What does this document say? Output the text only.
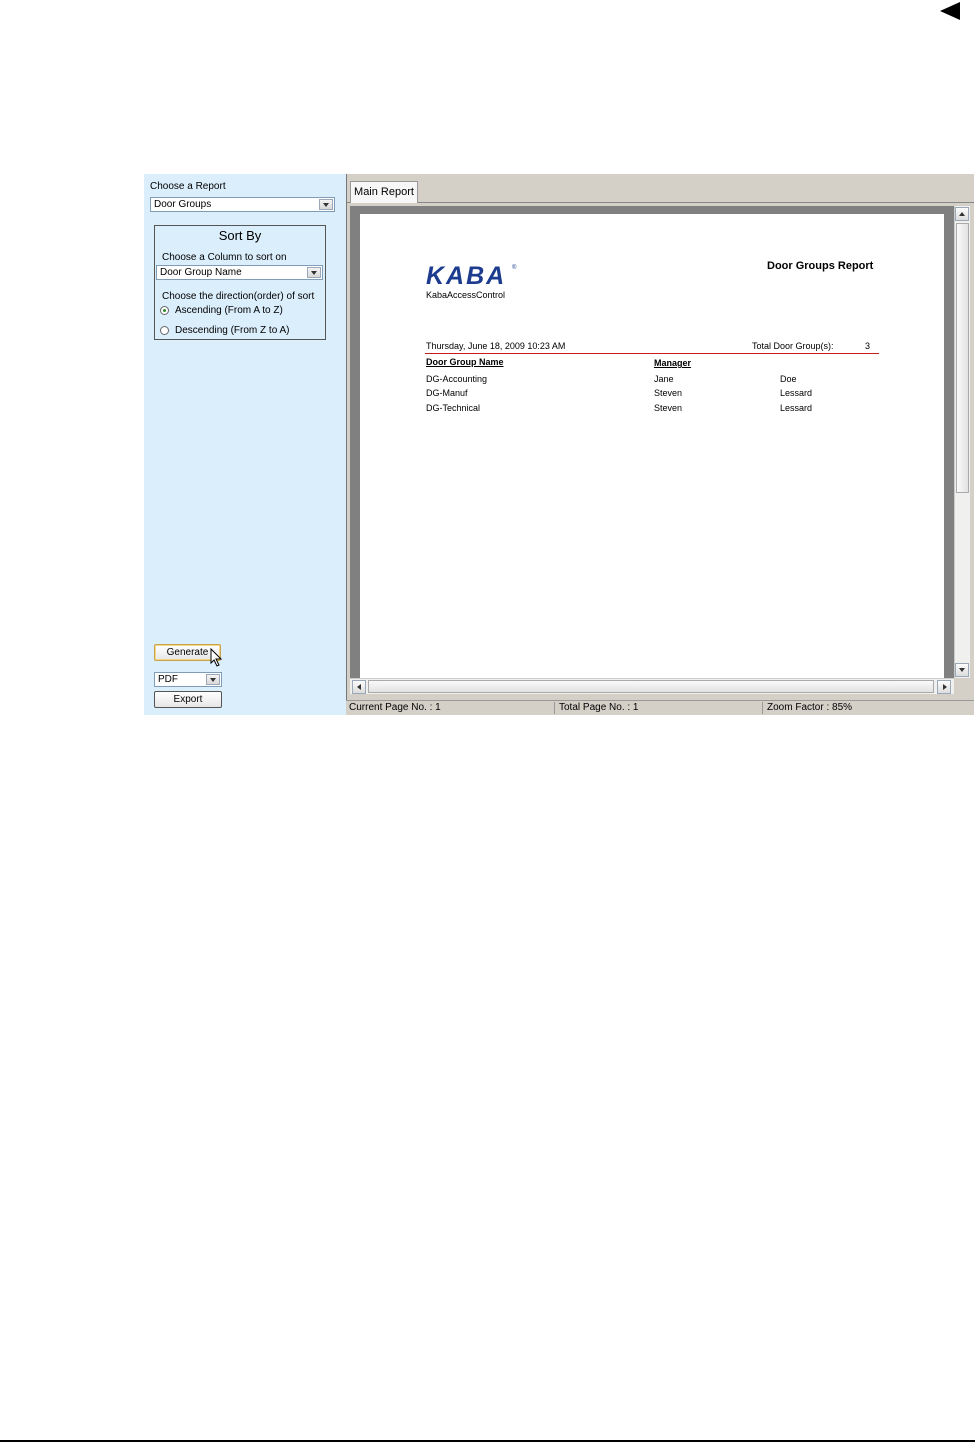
Choose a Report
Door Groups
Sort By
Choose a Column to sort on
Door Group Name
Choose the direction(order) of sort
Ascending (From A to Z)
Descending (From Z to A)
Generate
PDF
Export
Main Report
KABA ®
KabaAccessControl
Door Groups Report
Thursday, June 18, 2009 10:23 AM	Total Door Group(s):	3
Door Group Name	Manager
DG-Accounting	Jane	Doe
DG-Manuf	Steven	Lessard
DG-Technical	Steven	Lessard
Current Page No. : 1	Total Page No. : 1	Zoom Factor : 85%
